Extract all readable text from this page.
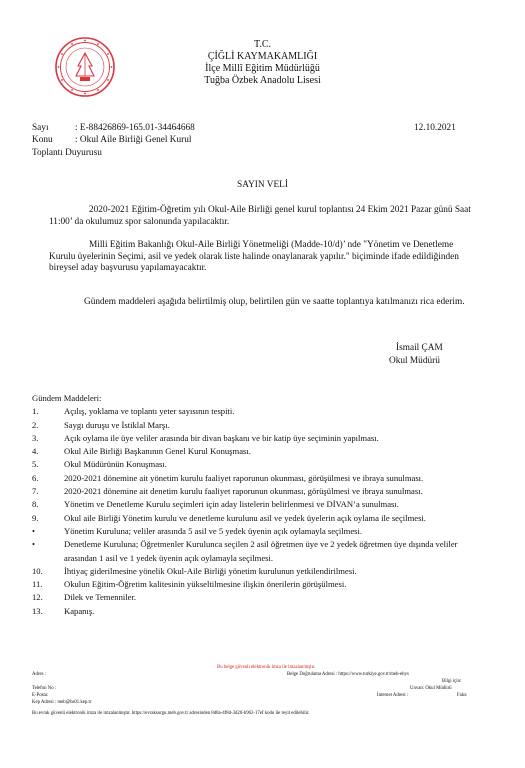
T.C.
ÇİĞLİ KAYMAKAMLIĞI
İlçe Millî Eğitim Müdürlüğü
Tuğba Özbek Anadolu Lisesi
Sayı	: E-88426869-165.01-34464668	12.10.2021
Konu : Okul Aile Birliği Genel Kurul
Toplantı Duyurusu
SAYIN VELİ
2020-2021 Eğitim-Öğretim yılı Okul-Aile Birliği genel kurul toplantısı 24 Ekim 2021 Pazar günü Saat 11:00’ da okulumuz spor salonunda yapılacaktır.
Milli Eğitim Bakanlığı Okul-Aile Birliği Yönetmeliği (Madde-10/d)’ nde "Yönetim ve Denetleme Kurulu üyelerinin Seçimi, asil ve yedek olarak liste halinde onaylanarak yapılır." biçiminde ifade edildiğinden bireysel aday başvurusu yapılamayacaktır.
Gündem maddeleri aşağıda belirtilmiş olup, belirtilen gün ve saatte toplantıya katılmanızı rica ederim.
İsmail ÇAM
Okul Müdürü
Gündem Maddeleri:
1.	Açılış, yoklama ve toplantı yeter sayısının tespiti.
2.	Saygı duruşu ve İstiklal Marşı.
3.	Açık oylama ile üye veliler arasında bir divan başkanı ve bir katip üye seçiminin yapılması.
4.	Okul Aile Birliği Başkanının Genel Kurul Konuşması.
5.	Okul Müdürünün Konuşması.
6.	2020-2021 dönemine ait yönetim kurulu faaliyet raporunun okunması, görüşülmesi ve ibraya sunulması.
7.	2020-2021 dönemine ait denetim kurulu faaliyet raporunun okunması, görüşülmesi ve ibraya sunulması.
8.	Yönetim ve Denetleme Kurulu seçimleri için aday listelerin belirlenmesi ve DİVAN’a sunulması.
9.	Okul aile Birliği Yönetim kurulu ve denetleme kurulunu asil ve yedek üyelerin açık oylama ile seçilmesi.
•	Yönetim Kuruluna; veliler arasında 5 asil ve 5 yedek üyenin açık oylamayla seçilmesi.
•	Denetleme Kuruluna; Öğretmenler Kurulunca seçilen 2 asil öğretmen üye ve 2 yedek öğretmen üye dışında veliler arasından 1 asil ve 1 yedek üyenin açık oylamayla seçilmesi.
10.	İhtiyaç giderilmesine yönelik Okul-Aile Birliği yönetim kurulunun yetkilendirilmesi.
11.	Okulun Eğitim-Öğretim kalitesinin yükseltilmesine ilişkin önerilerin görüşülmesi.
12.	Dilek ve Temenniler.
13.	Kapanış.
Bu belge güvenli elektronik imza ile imzalanmıştır.
Adres :	Belge Doğrulama Adresi : https://www.turkiye.gov.tr/meb-ebys
Bilgi için:
Telefon No :	Unvan: Okul Müdürü
E-Posta:	İnternet Adresi :	Faks:
Kep Adresi : meb@hs01.kep.tr
Bu evrak güvenli elektronik imza ile imzalanmıştır. https://evraksorgu.meb.gov.tr adresinden 8d8a-4f8d-3d20-b962-17ef kodu ile teyit edilebilir.
